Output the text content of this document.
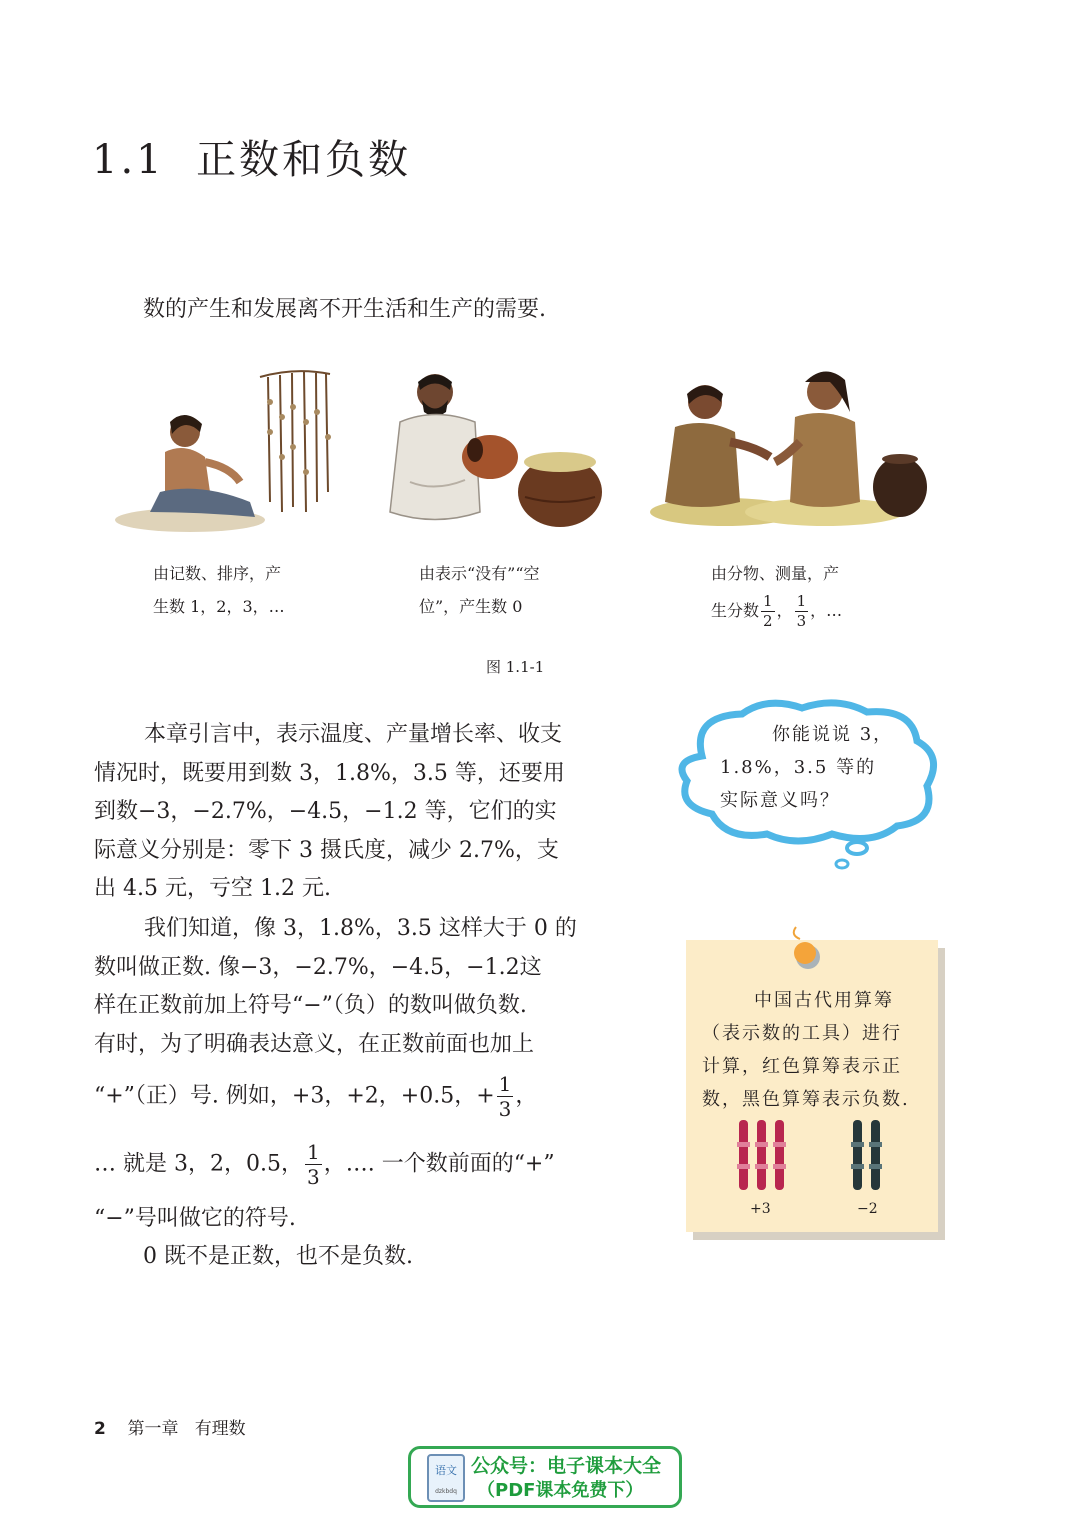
1.1 正数和负数
数的产生和发展离不开生活和生产的需要.
由记数、排序，产
生数 1，2，3，…
由表示“没有”“空
位”，产生数 0
由分物、测量，产
生分数 $\frac{1}{2}$ ， $\frac{1}{3}$ ，…
图 1.1-1
本章引言中，表示温度、产量增长率、收支
情况时，既要用到数 3，1.8%，3.5 等，还要用
到数−3，−2.7%，−4.5，−1.2 等，它们的实
际意义分别是：零下 3 摄氏度，减少 2.7%，支
出 4.5 元，亏空 1.2 元.
我们知道，像 3，1.8%，3.5 这样大于 0 的
数叫做正数. 像−3，−2.7%，−4.5，−1.2这
样在正数前加上符号“−”（负）的数叫做负数.
有时，为了明确表达意义，在正数前面也加上
“+”（正）号. 例如，+3，+2，+0.5，+ $\frac{1}{3}$ ，
… 就是 3，2，0.5， $\frac{1}{3}$ ，…. 一个数前面的“+”
“−”号叫做它的符号.
0 既不是正数，也不是负数.
你能说说 3，
1.8%，3.5 等的
实际意义吗？
中国古代用算筹
（表示数的工具）进行
计算，红色算筹表示正
数，黑色算筹表示负数.
+3	−2
2 第一章 有理数
语文
dzkbdq
公众号：电子课本大全
（PDF课本免费下）
